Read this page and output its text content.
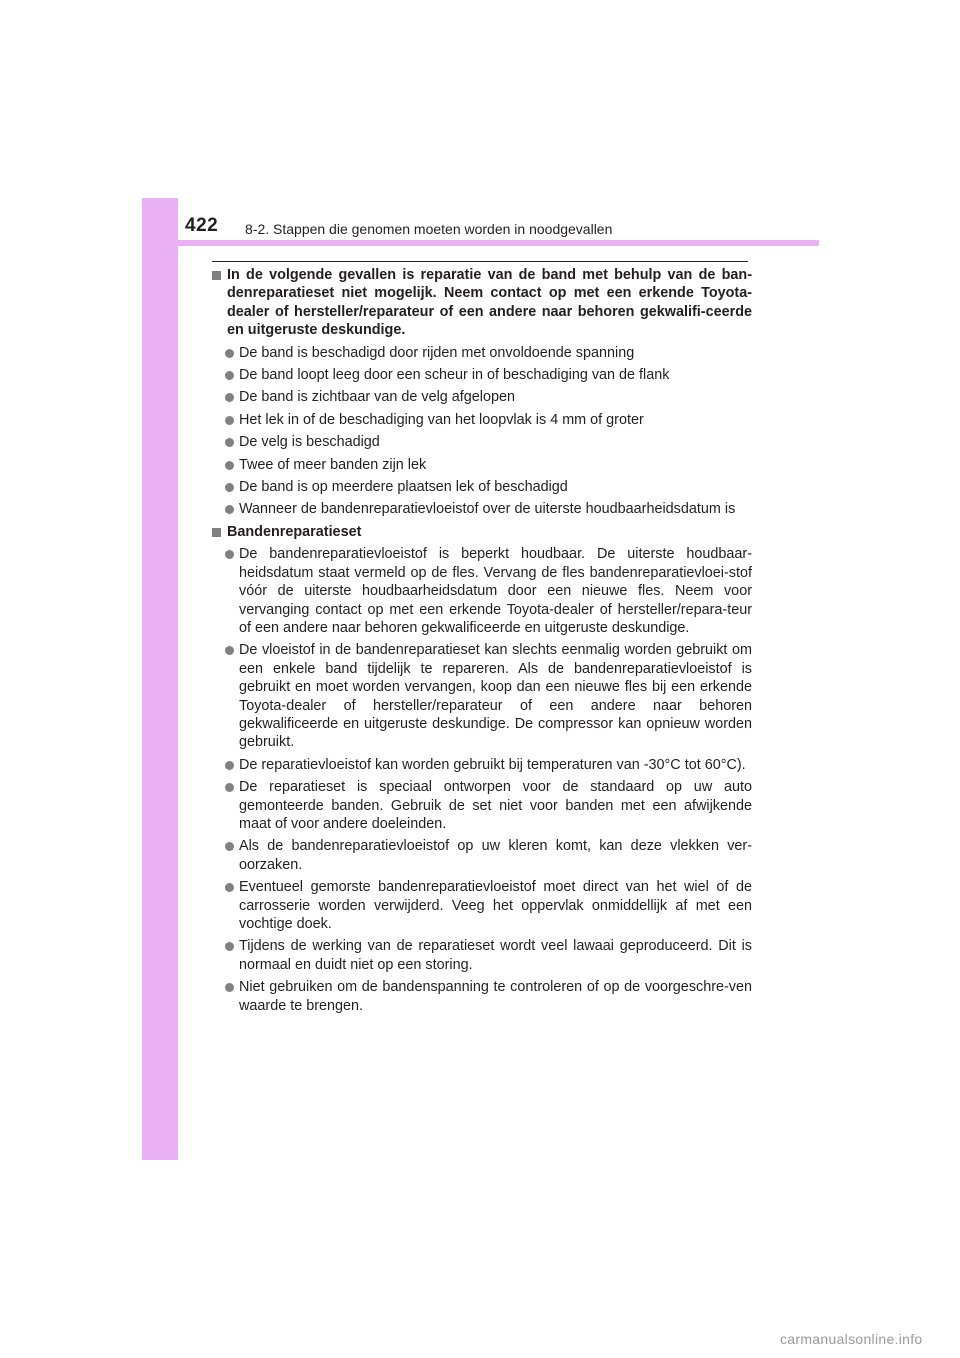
422 8-2. Stappen die genomen moeten worden in noodgevallen
In de volgende gevallen is reparatie van de band met behulp van de ban-denreparatieset niet mogelijk. Neem contact op met een erkende Toyota-dealer of hersteller/reparateur of een andere naar behoren gekwalifi-ceerde en uitgeruste deskundige.
De band is beschadigd door rijden met onvoldoende spanning
De band loopt leeg door een scheur in of beschadiging van de flank
De band is zichtbaar van de velg afgelopen
Het lek in of de beschadiging van het loopvlak is 4 mm of groter
De velg is beschadigd
Twee of meer banden zijn lek
De band is op meerdere plaatsen lek of beschadigd
Wanneer de bandenreparatievloeistof over de uiterste houdbaarheidsdatum is
Bandenreparatieset
De bandenreparatievloeistof is beperkt houdbaar. De uiterste houdbaar-heidsdatum staat vermeld op de fles. Vervang de fles bandenreparatievloei-stof vóór de uiterste houdbaarheidsdatum door een nieuwe fles. Neem voor vervanging contact op met een erkende Toyota-dealer of hersteller/repara-teur of een andere naar behoren gekwalificeerde en uitgeruste deskundige.
De vloeistof in de bandenreparatieset kan slechts eenmalig worden gebruikt om een enkele band tijdelijk te repareren. Als de bandenreparatievloeistof is gebruikt en moet worden vervangen, koop dan een nieuwe fles bij een erkende Toyota-dealer of hersteller/reparateur of een andere naar behoren gekwalificeerde en uitgeruste deskundige. De compressor kan opnieuw worden gebruikt.
De reparatievloeistof kan worden gebruikt bij temperaturen van -30°C tot 60°C).
De reparatieset is speciaal ontworpen voor de standaard op uw auto gemonteerde banden. Gebruik de set niet voor banden met een afwijkende maat of voor andere doeleinden.
Als de bandenreparatievloeistof op uw kleren komt, kan deze vlekken ver-oorzaken.
Eventueel gemorste bandenreparatievloeistof moet direct van het wiel of de carrosserie worden verwijderd. Veeg het oppervlak onmiddellijk af met een vochtige doek.
Tijdens de werking van de reparatieset wordt veel lawaai geproduceerd. Dit is normaal en duidt niet op een storing.
Niet gebruiken om de bandenspanning te controleren of op de voorgeschre-ven waarde te brengen.
carmanualsonline.info
